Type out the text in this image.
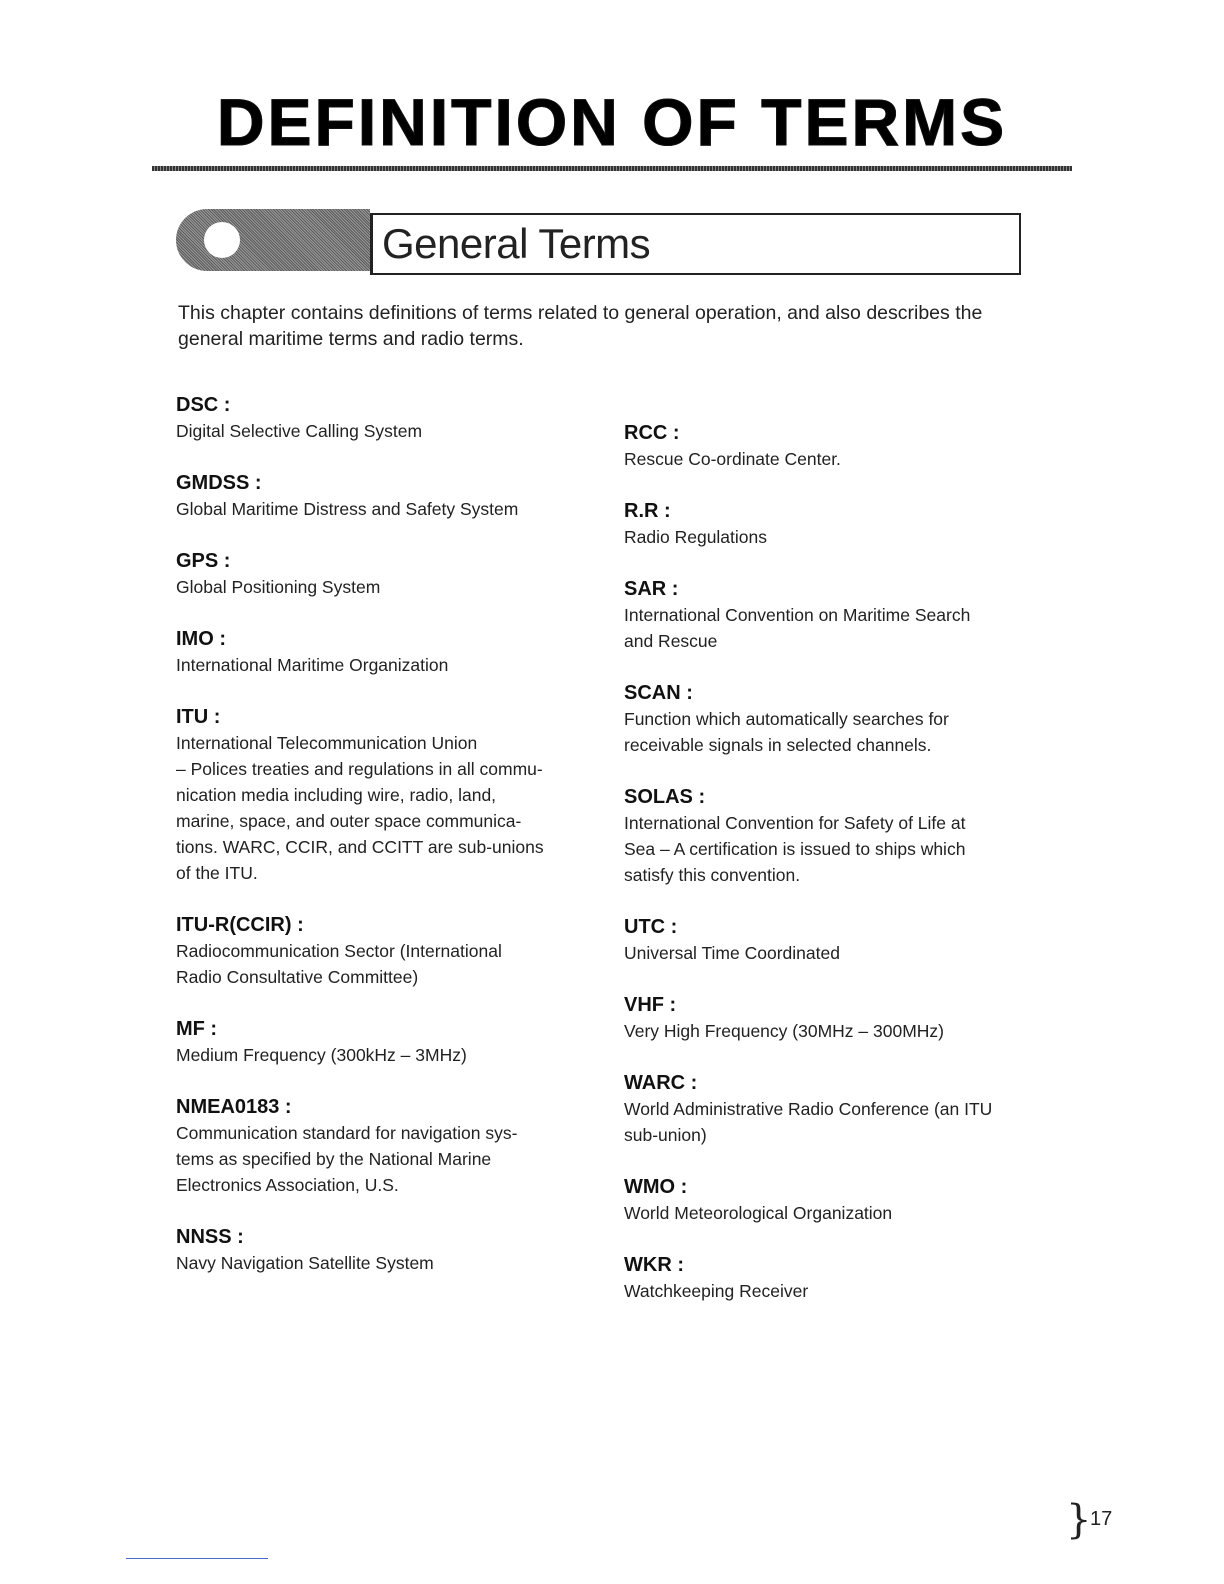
DEFINITION OF TERMS
General Terms
This chapter contains definitions of terms related to general operation, and also describes the general maritime terms and radio terms.
DSC :
Digital Selective Calling System
GMDSS :
Global Maritime Distress and Safety System
GPS :
Global Positioning System
IMO :
International Maritime Organization
ITU :
International Telecommunication Union
– Polices treaties and regulations in all commu-
nication media including wire, radio, land,
marine, space, and outer space communica-
tions. WARC, CCIR, and CCITT are sub-unions
of the ITU.
ITU-R(CCIR) :
Radiocommunication Sector (International
Radio Consultative Committee)
MF :
Medium Frequency (300kHz – 3MHz)
NMEA0183 :
Communication standard for navigation sys-
tems as specified by the National Marine
Electronics Association, U.S.
NNSS :
Navy Navigation Satellite System
RCC :
Rescue Co-ordinate Center.
R.R :
Radio Regulations
SAR :
International Convention on Maritime Search
and Rescue
SCAN :
Function which automatically searches for
receivable signals in selected channels.
SOLAS :
International Convention for Safety of Life at
Sea – A certification is issued to ships which
satisfy this convention.
UTC :
Universal Time Coordinated
VHF :
Very High Frequency (30MHz – 300MHz)
WARC :
World Administrative Radio Conference (an ITU
sub-union)
WMO :
World Meteorological Organization
WKR :
Watchkeeping Receiver
}
17
